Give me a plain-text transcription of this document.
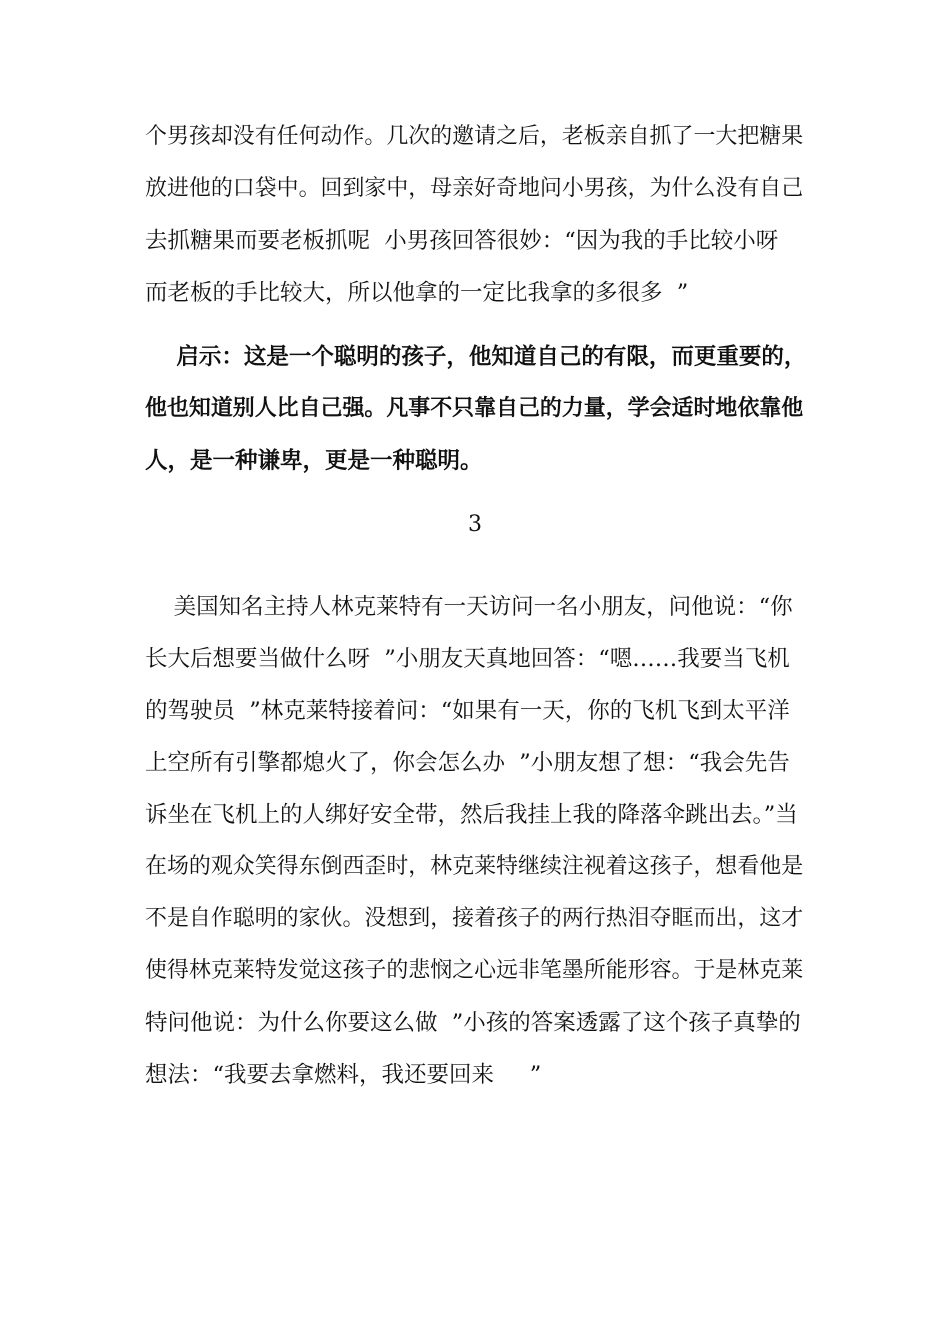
个男孩却没有任何动作。几次的邀请之后，老板亲自抓了一大把糖果
放进他的口袋中。回到家中，母亲好奇地问小男孩，为什么没有自己
去抓糖果而要老板抓呢  小男孩回答很妙：“因为我的手比较小呀
而老板的手比较大，所以他拿的一定比我拿的多很多  ”
启示：这是一个聪明的孩子，他知道自己的有限，而更重要的，
他也知道别人比自己强。凡事不只靠自己的力量，学会适时地依靠他
人，是一种谦卑，更是一种聪明。
3
美国知名主持人林克莱特有一天访问一名小朋友，问他说：“你
长大后想要当做什么呀  ”小朋友天真地回答：“嗯……我要当飞机
的驾驶员  ”林克莱特接着问：“如果有一天，你的飞机飞到太平洋
上空所有引擎都熄火了，你会怎么办  ”小朋友想了想：“我会先告
诉坐在飞机上的人绑好安全带，然后我挂上我的降落伞跳出去。”当
在场的观众笑得东倒西歪时，林克莱特继续注视着这孩子，想看他是
不是自作聪明的家伙。没想到，接着孩子的两行热泪夺眶而出，这才
使得林克莱特发觉这孩子的悲悯之心远非笔墨所能形容。于是林克莱
特问他说：为什么你要这么做  ”小孩的答案透露了这个孩子真挚的
想法：“我要去拿燃料，我还要回来     ”
